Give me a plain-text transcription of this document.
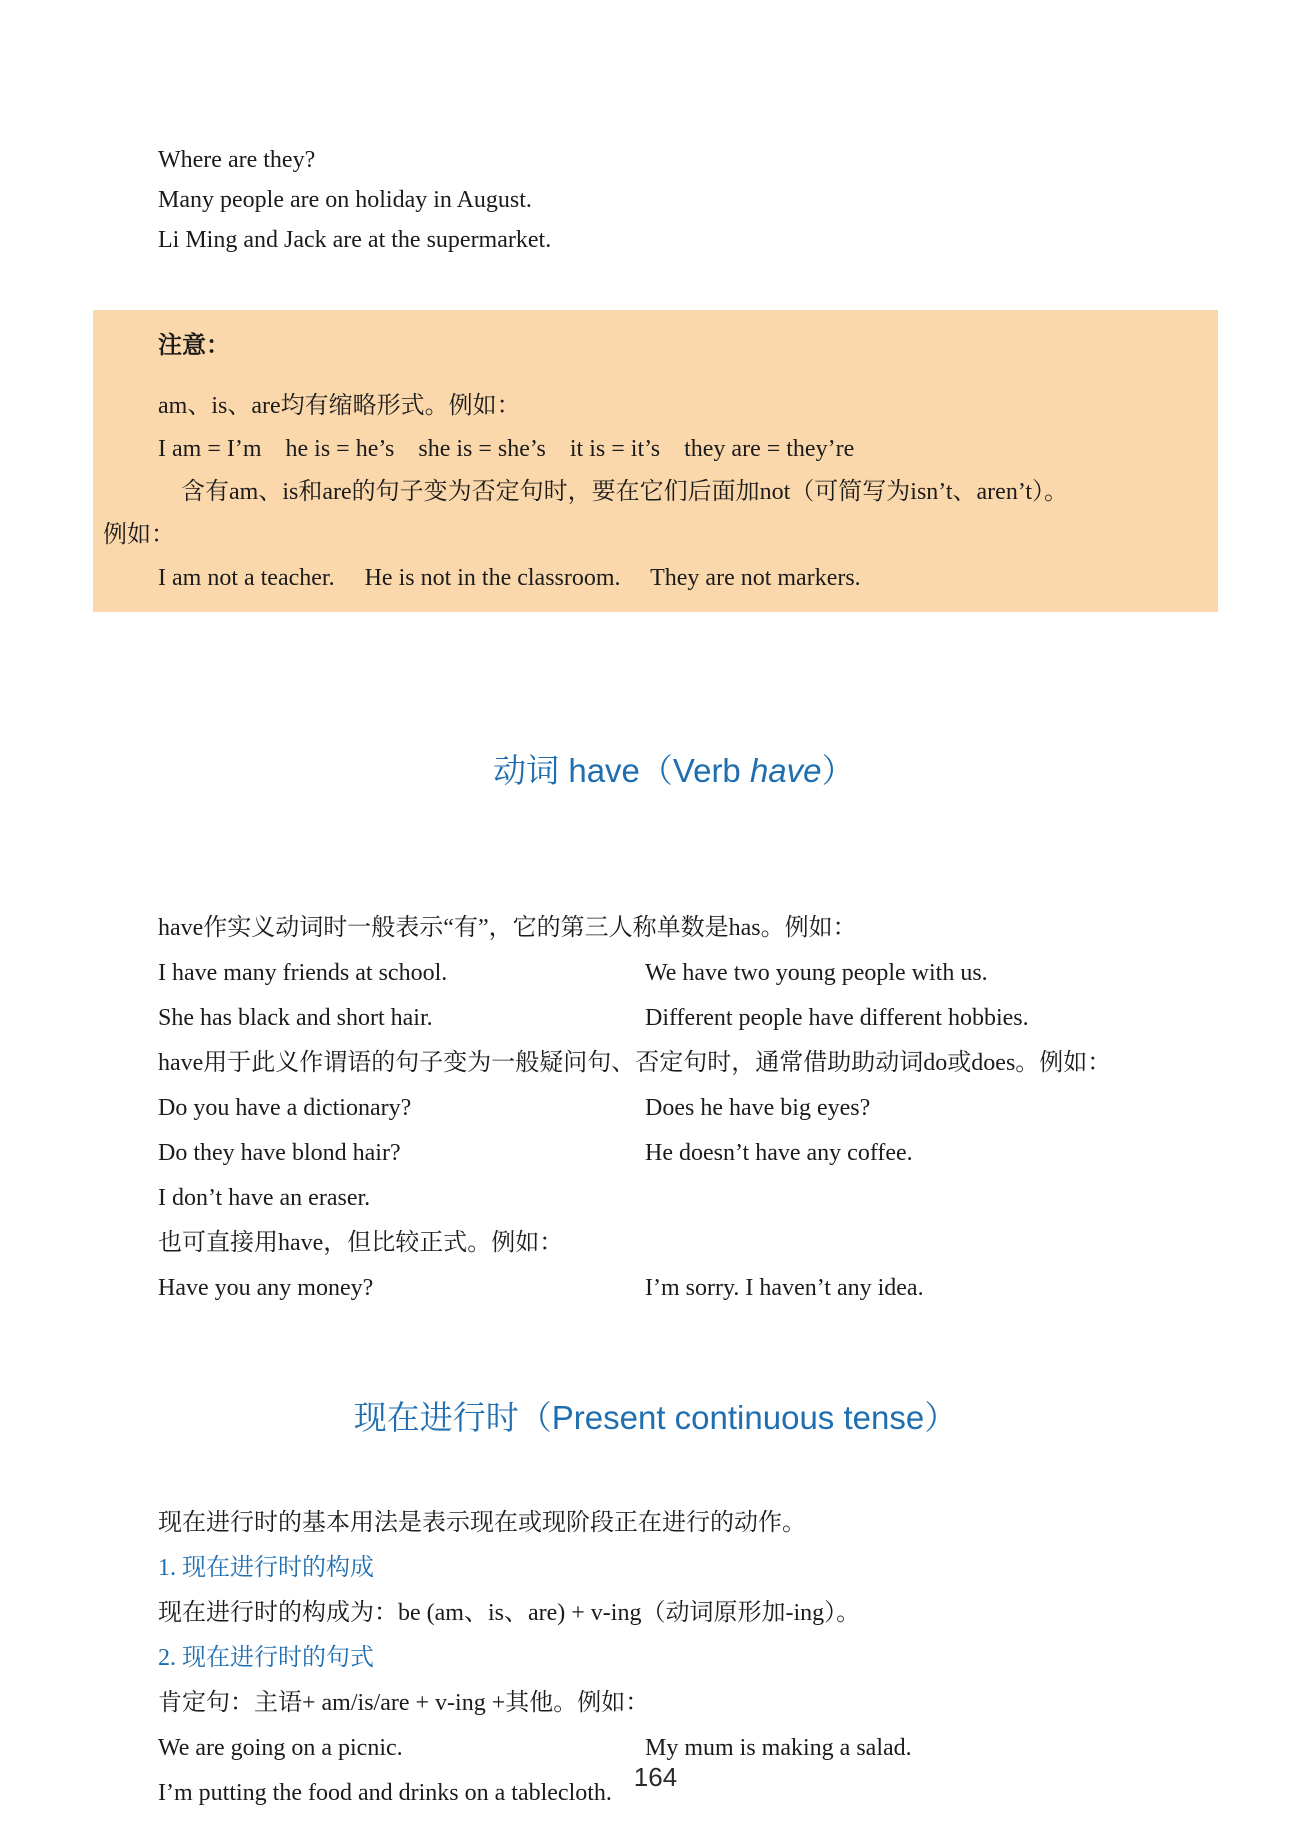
Where are they?
Many people are on holiday in August.
Li Ming and Jack are at the supermarket.
注意：
am、is、are均有缩略形式。例如：
I am = I’m    he is = he’s    she is = she’s    it is = it’s    they are = they’re
含有am、is和are的句子变为否定句时，要在它们后面加not（可简写为isn’t、aren’t）。
例如：
I am not a teacher.     He is not in the classroom.     They are not markers.

动词 have（Verb have）

have作实义动词时一般表示“有”，它的第三人称单数是has。例如：
I have many friends at school.	We have two young people with us.
She has black and short hair.	Different people have different hobbies.
have用于此义作谓语的句子变为一般疑问句、否定句时，通常借助助动词do或does。例如：
Do you have a dictionary?	Does he have big eyes?
Do they have blond hair?	He doesn’t have any coffee.
I don’t have an eraser.
也可直接用have，但比较正式。例如：
Have you any money?	I’m sorry. I haven’t any idea.
现在进行时（Present continuous tense）
现在进行时的基本用法是表示现在或现阶段正在进行的动作。
1. 现在进行时的构成
现在进行时的构成为：be (am、is、are) + v-ing（动词原形加-ing）。
2. 现在进行时的句式
肯定句：主语+ am/is/are + v-ing +其他。例如：
We are going on a picnic.	My mum is making a salad.
I’m putting the food and drinks on a tablecloth.
164
